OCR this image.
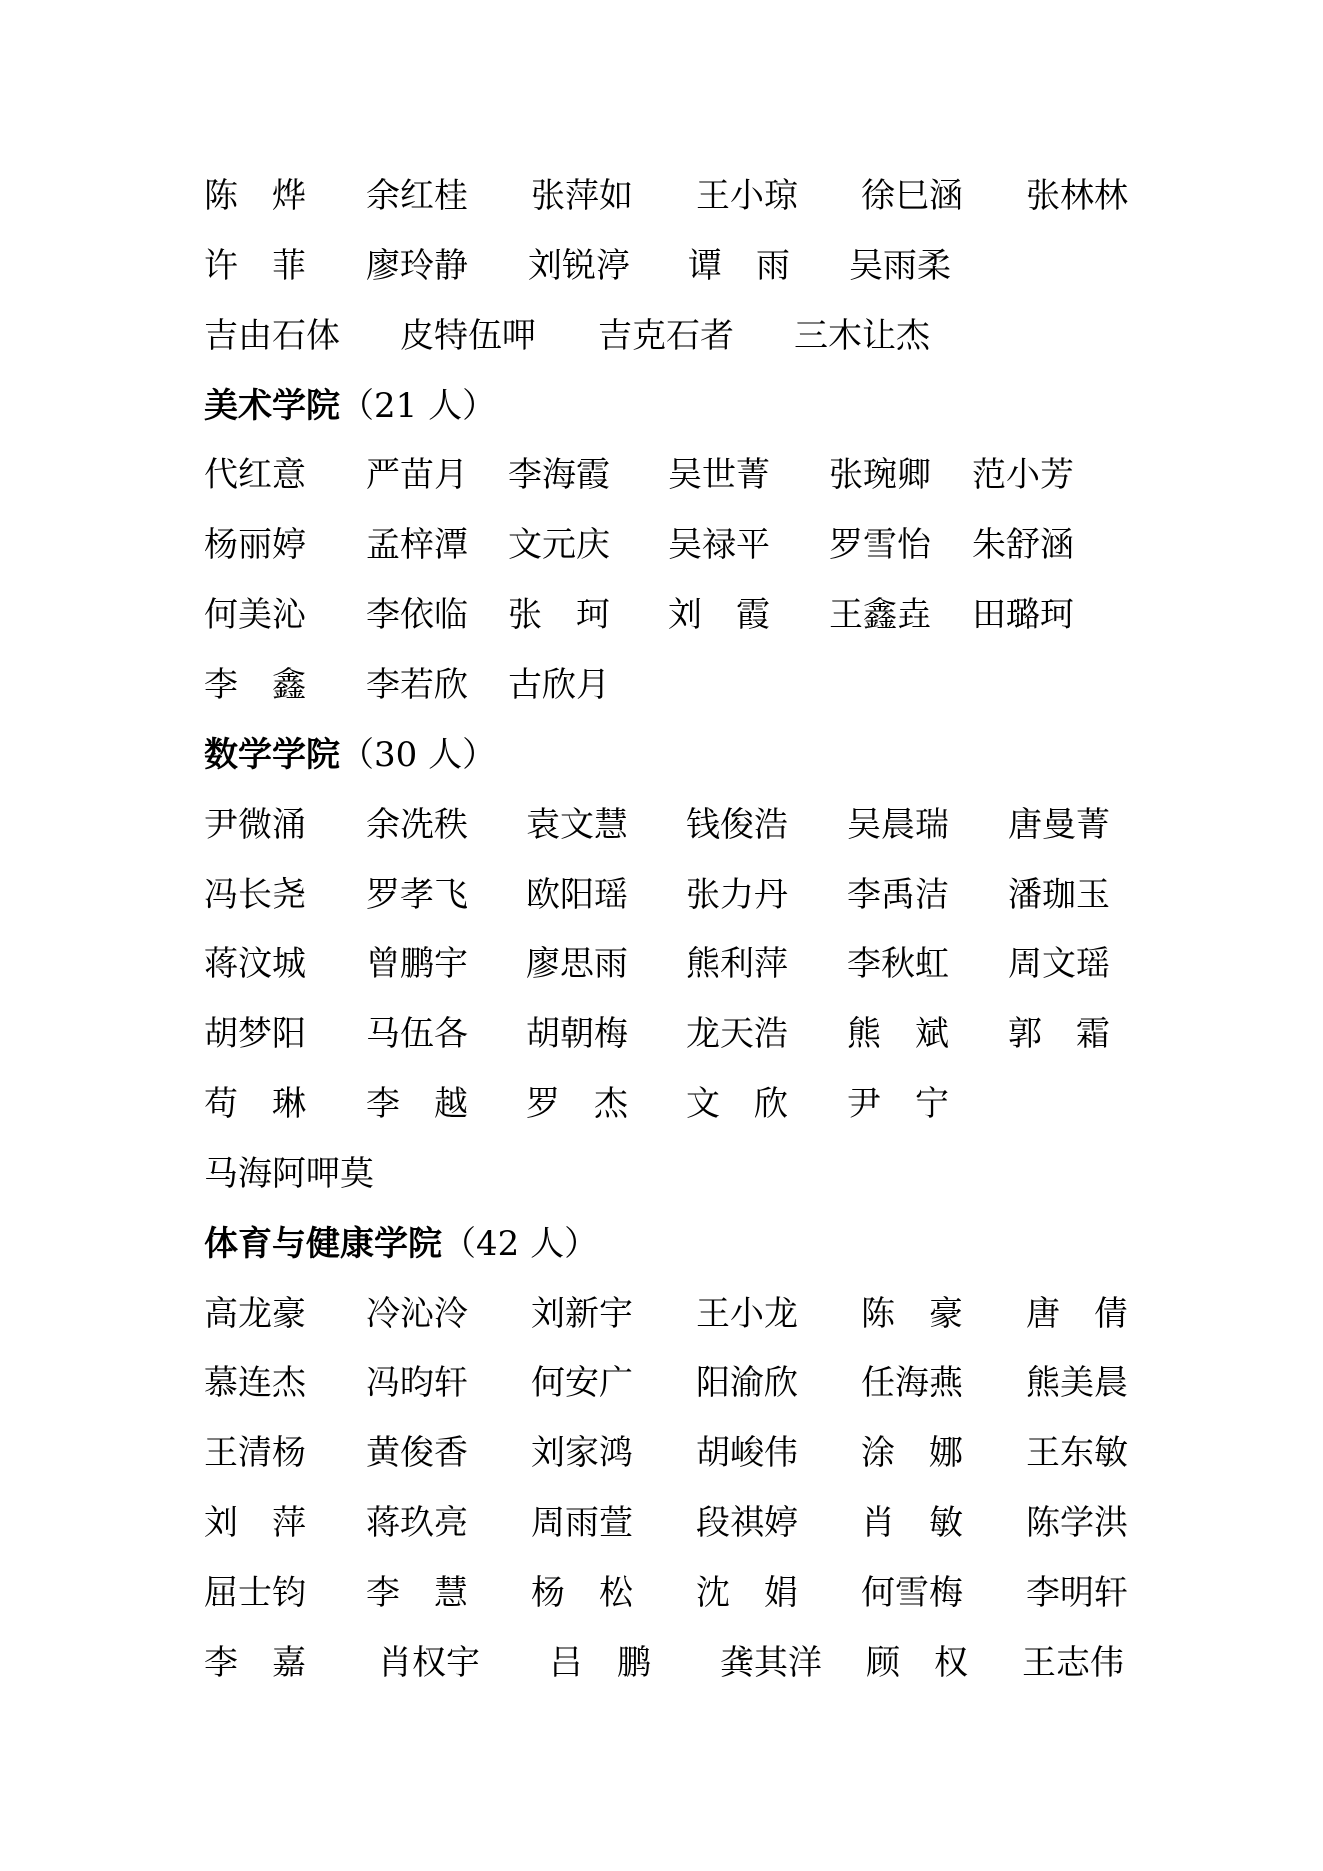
陈　烨 余红桂 张萍如 王小琼 徐巳涵 张林林
许　菲 廖玲静 刘锐渟 谭　雨 吴雨柔
吉由石体 皮特伍呷 吉克石者 三木让杰
美术学院（21 人）
代红意 严苗月 李海霞 吴世菁 张琬卿 范小芳
杨丽婷 孟梓潭 文元庆 吴禄平 罗雪怡 朱舒涵
何美沁 李依临 张　珂 刘　霞 王鑫垚 田璐珂
李　鑫 李若欣 古欣月
数学学院（30 人）
尹微涌 余冼秩 袁文慧 钱俊浩 吴晨瑞 唐曼菁
冯长尧 罗孝飞 欧阳瑶 张力丹 李禹洁 潘珈玉
蒋汶城 曾鹏宇 廖思雨 熊利萍 李秋虹 周文瑶
胡梦阳 马伍各 胡朝梅 龙天浩 熊　斌 郭　霜
苟　琳 李　越 罗　杰 文　欣 尹　宁
马海阿呷莫
体育与健康学院（42 人）
高龙豪 冷沁泠 刘新宇 王小龙 陈　豪 唐　倩
慕连杰 冯昀轩 何安广 阳渝欣 任海燕 熊美晨
王清杨 黄俊香 刘家鸿 胡峻伟 涂　娜 王东敏
刘　萍 蒋玖亮 周雨萱 段祺婷 肖　敏 陈学洪
屈士钧 李　慧 杨　松 沈　娟 何雪梅 李明轩
李　嘉 肖权宇 吕　鹏 龚其洋 顾　权 王志伟
